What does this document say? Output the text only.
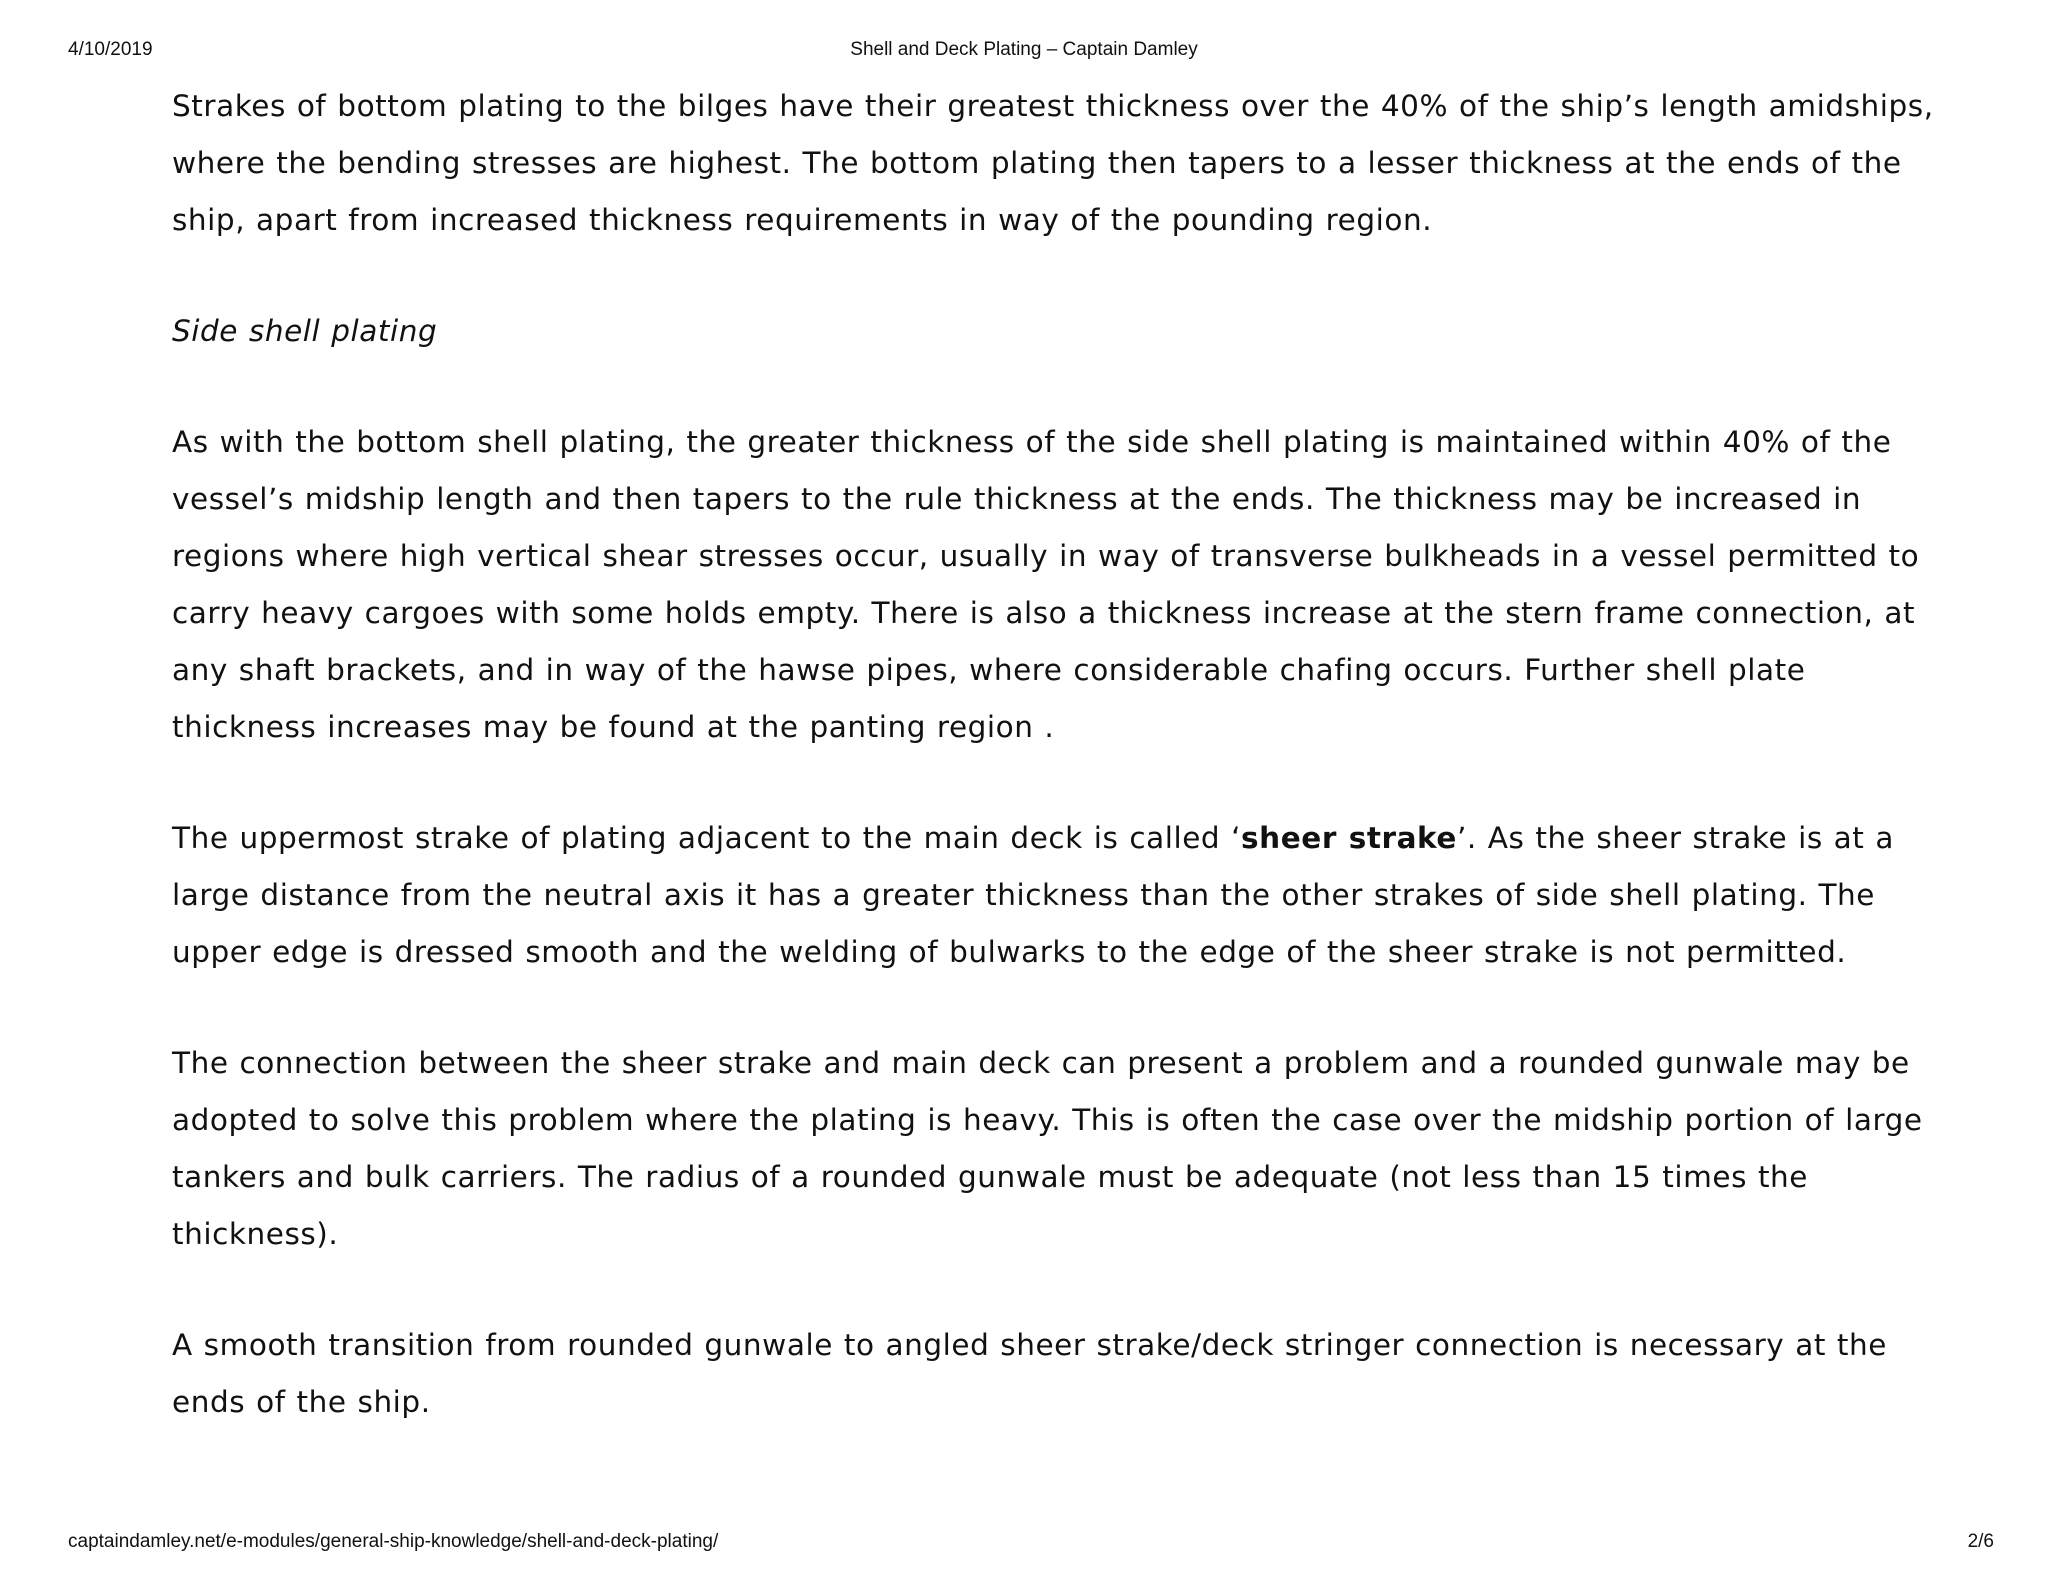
4/10/2019	Shell and Deck Plating – Captain Damley

Strakes of bottom plating to the bilges have their greatest thickness over the 40% of the ship’s length amidships,
where the bending stresses are highest. The bottom plating then tapers to a lesser thickness at the ends of the
ship, apart from increased thickness requirements in way of the pounding region.

Side shell plating

As with the bottom shell plating, the greater thickness of the side shell plating is maintained within 40% of the
vessel’s midship length and then tapers to the rule thickness at the ends. The thickness may be increased in
regions where high vertical shear stresses occur, usually in way of transverse bulkheads in a vessel permitted to
carry heavy cargoes with some holds empty. There is also a thickness increase at the stern frame connection, at
any shaft brackets, and in way of the hawse pipes, where considerable chafing occurs. Further shell plate
thickness increases may be found at the panting region .

The uppermost strake of plating adjacent to the main deck is called ‘sheer strake’. As the sheer strake is at a
large distance from the neutral axis it has a greater thickness than the other strakes of side shell plating. The
upper edge is dressed smooth and the welding of bulwarks to the edge of the sheer strake is not permitted.

The connection between the sheer strake and main deck can present a problem and a rounded gunwale may be
adopted to solve this problem where the plating is heavy. This is often the case over the midship portion of large
tankers and bulk carriers. The radius of a rounded gunwale must be adequate (not less than 15 times the
thickness).

A smooth transition from rounded gunwale to angled sheer strake/deck stringer connection is necessary at the
ends of the ship.

captaindamley.net/e-modules/general-ship-knowledge/shell-and-deck-plating/	2/6
